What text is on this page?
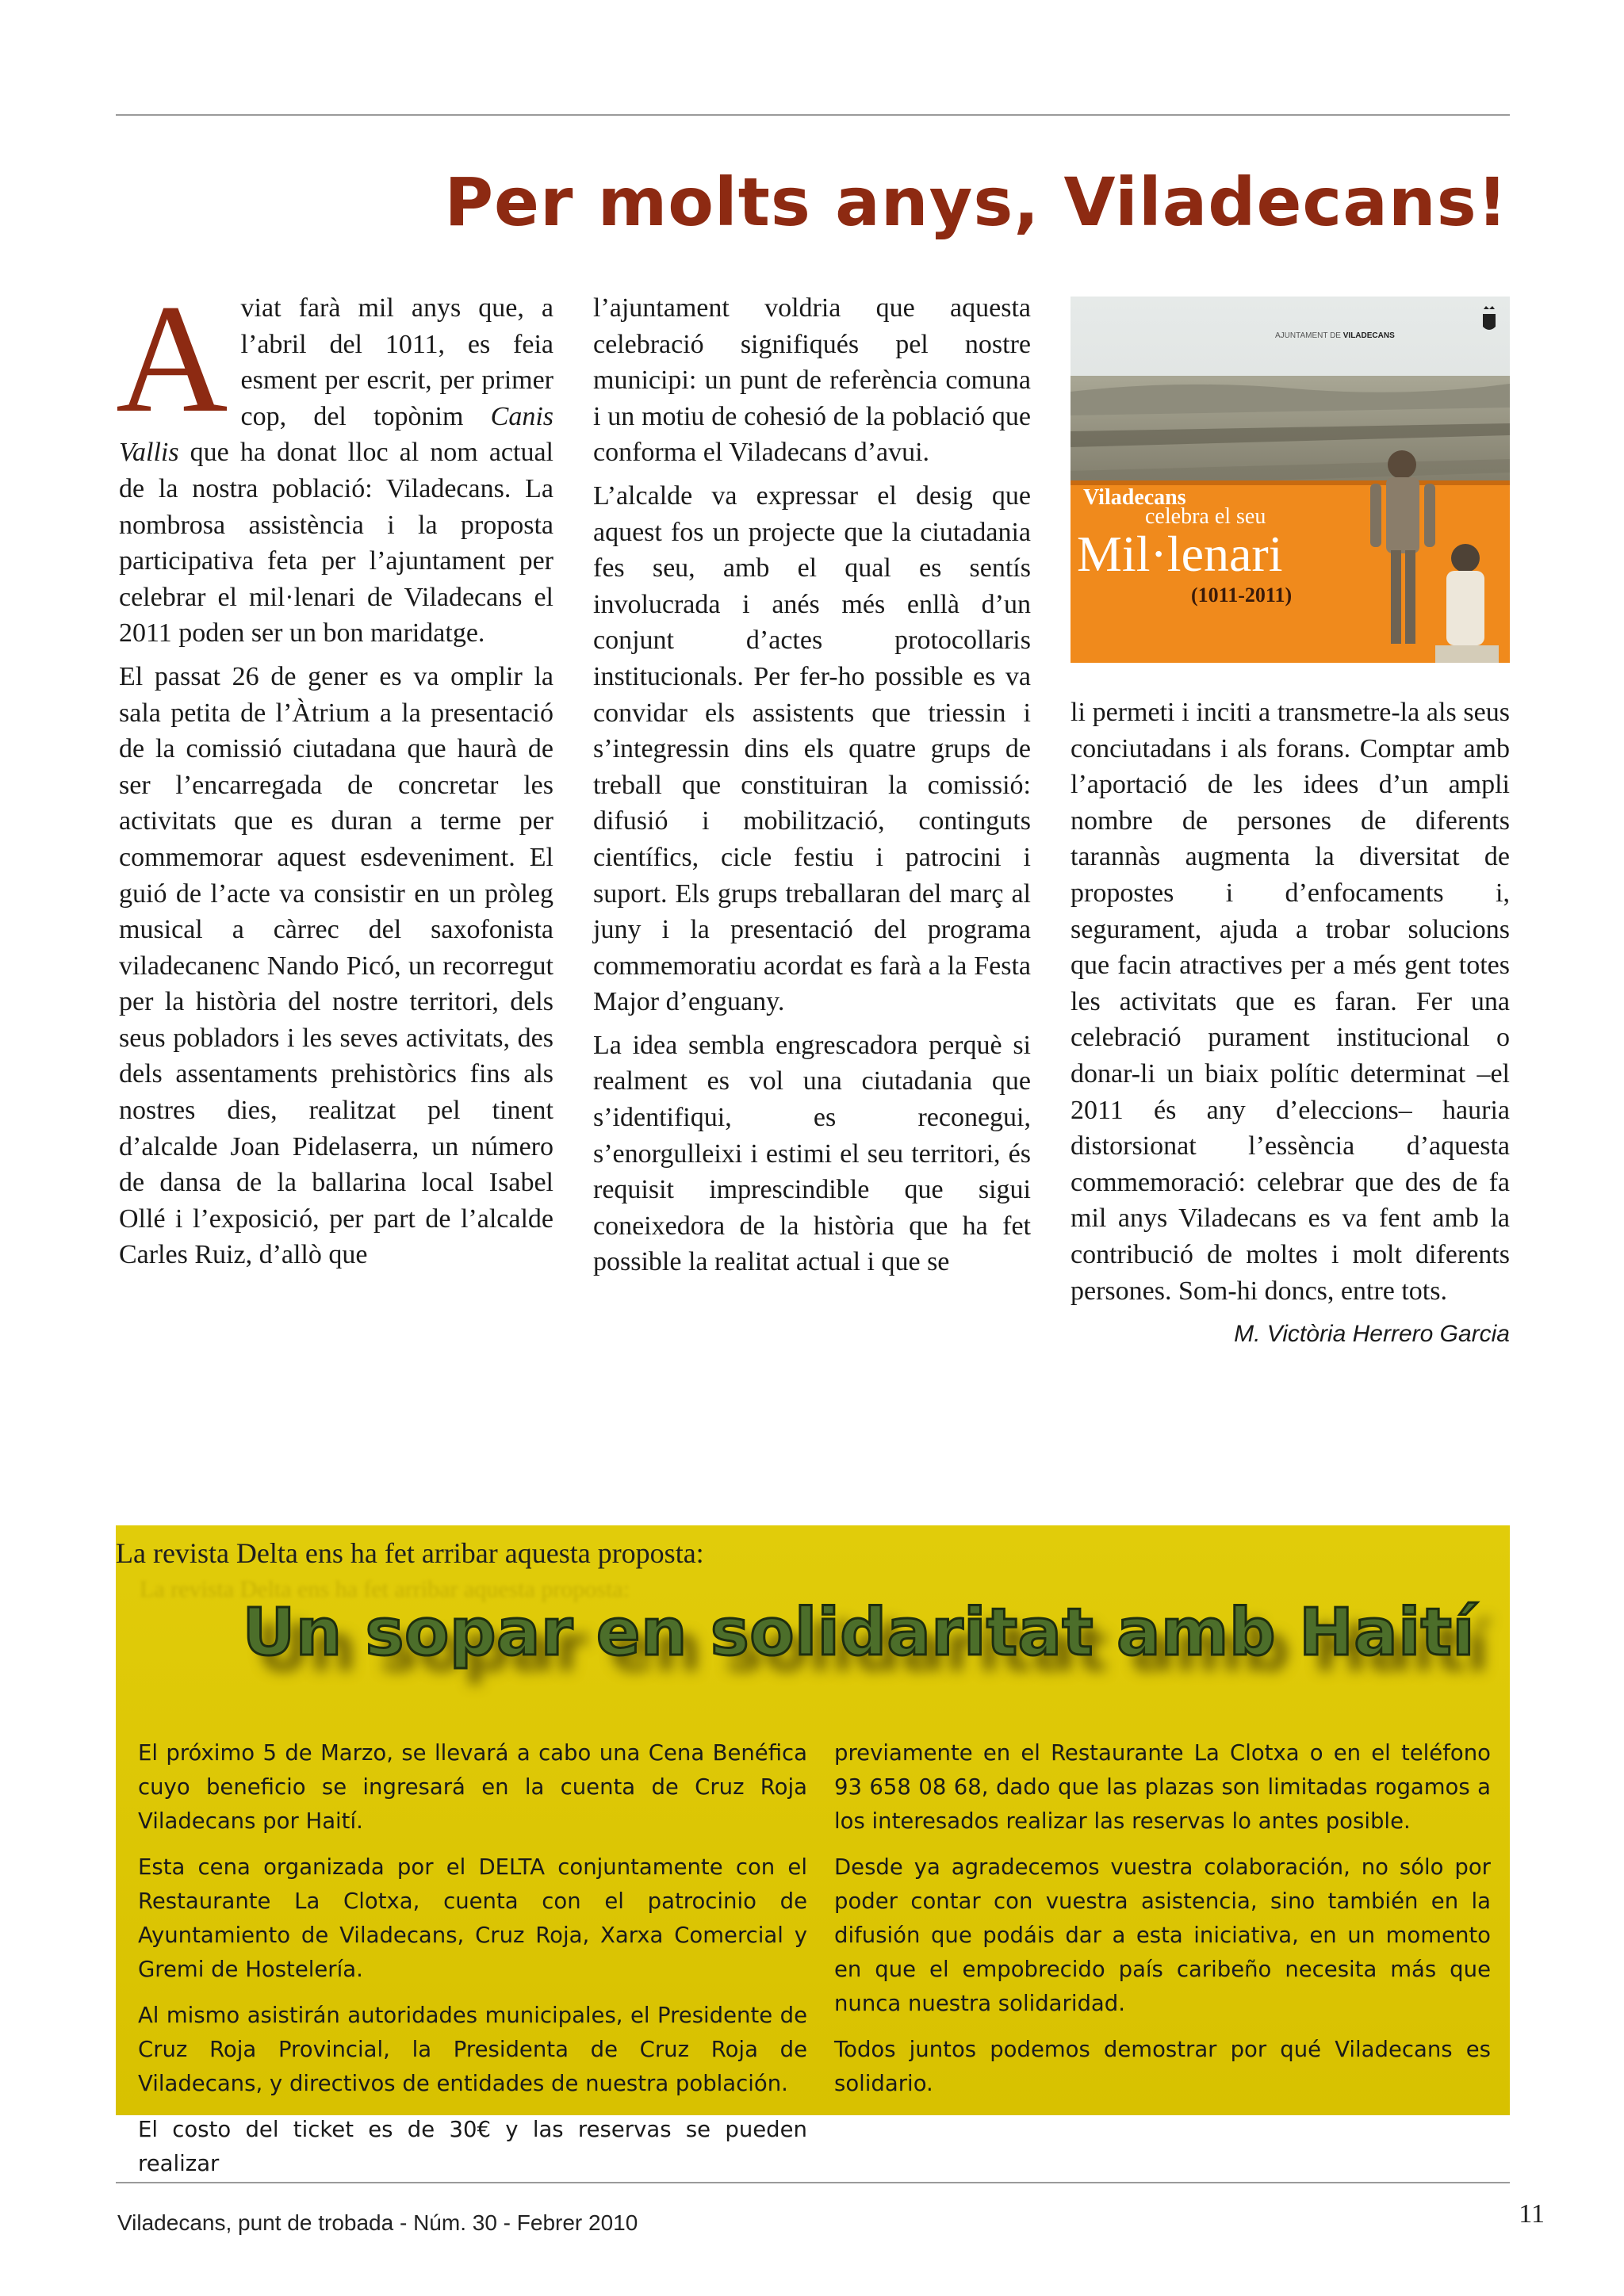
Per molts anys, Viladecans!

Aviat farà mil anys que, a l’abril del 1011, es feia esment per escrit, per primer cop, del topònim Canis Vallis que ha donat lloc al nom actual de la nostra població: Viladecans. La nombrosa assistència i la proposta participativa feta per l’ajuntament per celebrar el mil·lenari de Viladecans el 2011 poden ser un bon maridatge.

El passat 26 de gener es va omplir la sala petita de l’Àtrium a la presentació de la comissió ciutadana que haurà de ser l’encarregada de concretar les activitats que es duran a terme per commemorar aquest esdeveniment. El guió de l’acte va consistir en un pròleg musical a càrrec del saxofonista viladecanenc Nando Picó, un recorregut per la història del nostre territori, dels seus pobladors i les seves activitats, des dels assentaments prehistòrics fins als nostres dies, realitzat pel tinent d’alcalde Joan Pidelaserra, un número de dansa de la ballarina local Isabel Ollé i l’exposició, per part de l’alcalde Carles Ruiz, d’allò que

l’ajuntament voldria que aquesta celebració signifiqués pel nostre municipi: un punt de referència comuna i un motiu de cohesió de la població que conforma el Viladecans d’avui.

L’alcalde va expressar el desig que aquest fos un projecte que la ciutadania fes seu, amb el qual es sentís involucrada i anés més enllà d’un conjunt d’actes protocollaris institucionals. Per fer-ho possible es va convidar els assistents que triessin i s’integressin dins els quatre grups de treball que constituiran la comissió: difusió i mobilització, continguts científics, cicle festiu i patrocini i suport. Els grups treballaran del març al juny i la presentació del programa commemoratiu acordat es farà a la Festa Major d’enguany.

La idea sembla engrescadora perquè si realment es vol una ciutadania que s’identifiqui, es reconegui, s’enorgulleixi i estimi el seu territori, és requisit imprescindible que sigui coneixedora de la història que ha fet possible la realitat actual i que se

AJUNTAMENT DE VILADECANS
Viladecans
celebra el seu
Mil·lenari
(1011-2011)

li permeti i inciti a transmetre-la als seus conciutadans i als forans. Comptar amb l’aportació de les idees d’un ampli nombre de persones de diferents tarannàs augmenta la diversitat de propostes i d’enfocaments i, segurament, ajuda a trobar solucions que facin atractives per a més gent totes les activitats que es faran. Fer una celebració purament institucional o donar-li un biaix polític determinat –el 2011 és any d’eleccions– hauria distorsionat l’essència d’aquesta commemoració: celebrar que des de fa mil anys Viladecans es va fent amb la contribució de moltes i molt diferents persones. Som-hi doncs, entre tots.

M. Victòria Herrero Garcia

La revista Delta ens ha fet arribar aquesta proposta:
La revista Delta ens ha fet arribar aquesta proposta:
Un sopar en solidaritat amb Haití

El próximo 5 de Marzo, se llevará a cabo una Cena Benéfica cuyo beneficio se ingresará en la cuenta de Cruz Roja Viladecans por Haití.

Esta cena organizada por el DELTA conjuntamente con el Restaurante La Clotxa, cuenta con el patrocinio de Ayuntamiento de Viladecans, Cruz Roja, Xarxa Comercial y Gremi de Hostelería.

Al mismo asistirán autoridades municipales, el Presidente de Cruz Roja Provincial, la Presidenta de Cruz Roja de Viladecans, y directivos de entidades de nuestra población.

El costo del ticket es de 30€ y las reservas se pueden realizar

previamente en el Restaurante La Clotxa o en el teléfono 93 658 08 68, dado que las plazas son limitadas rogamos a los interesados realizar las reservas lo antes posible.

Desde ya agradecemos vuestra colaboración, no sólo por poder contar con vuestra asistencia, sino también en la difusión que podáis dar a esta iniciativa, en un momento en que el empobrecido país caribeño necesita más que nunca nuestra solidaridad.

Todos juntos podemos demostrar por qué Viladecans es solidario.

Viladecans, punt de trobada - Núm. 30 - Febrer 2010	11
